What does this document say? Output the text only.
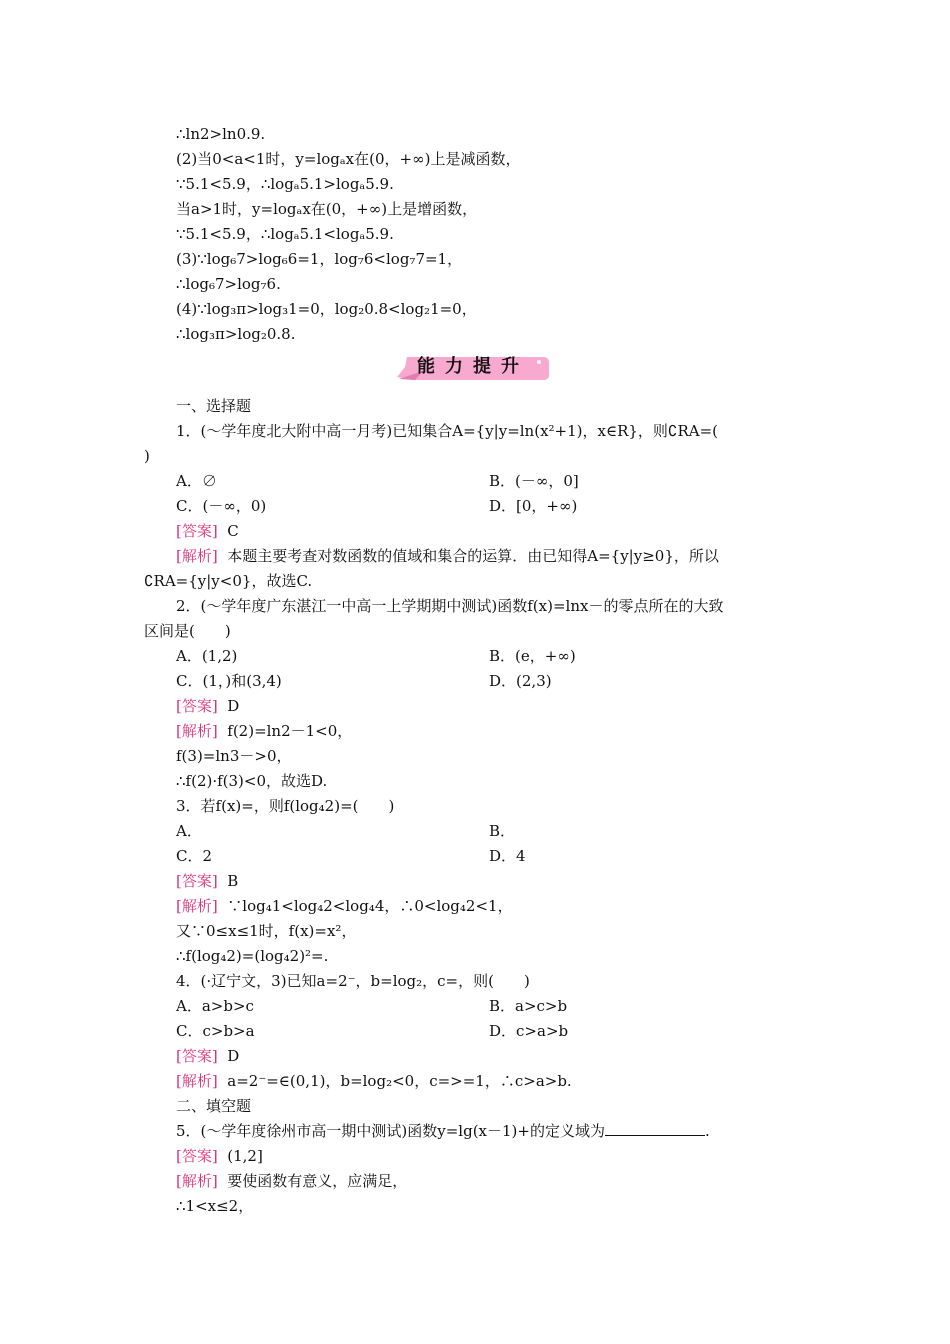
∴ln2>ln0.9.
(2)当0<a<1时，y=logₐx在(0，+∞)上是减函数，
∵5.1<5.9，∴logₐ5.1>logₐ5.9.
当a>1时，y=logₐx在(0，+∞)上是增函数，
∵5.1<5.9，∴logₐ5.1<logₐ5.9.
(3)∵log₆7>log₆6=1，log₇6<log₇7=1，
∴log₆7>log₇6.
(4)∵log₃π>log₃1=0，log₂0.8<log₂1=0，
∴log₃π>log₂0.8.
能力提升
一、选择题
1．(～学年度北大附中高一月考)已知集合A={y|y=ln(x²+1)，x∈R}，则∁RA=(
)
A．∅	B．(－∞，0]
C．(－∞，0)	D．[0，+∞)
[答案] C
[解析] 本题主要考查对数函数的值域和集合的运算．由已知得A={y|y≥0}，所以
∁RA={y|y<0}，故选C.
2．(～学年度广东湛江一中高一上学期期中测试)函数f(x)=lnx－的零点所在的大致
区间是(　　)
A．(1,2)	B．(e，+∞)
C．(1，)和(3,4)	D．(2,3)
[答案] D
[解析] f(2)=ln2－1<0，
f(3)=ln3－>0，
∴f(2)·f(3)<0，故选D.
3．若f(x)=，则f(log₄2)=(　　)
A．	B．
C．2	D．4
[答案] B
[解析] ∵log₄1<log₄2<log₄4，∴0<log₄2<1，
又∵0≤x≤1时，f(x)=x²，
∴f(log₄2)=(log₄2)²=.
4．(·辽宁文，3)已知a=2⁻，b=log₂，c=，则(　　)
A．a>b>c	B．a>c>b
C．c>b>a	D．c>a>b
[答案] D
[解析] a=2⁻=∈(0,1)，b=log₂<0，c=>=1，∴c>a>b.
二、填空题
5．(～学年度徐州市高一期中测试)函数y=lg(x－1)+的定义域为	.
[答案] (1,2]
[解析] 要使函数有意义，应满足，
∴1<x≤2，
